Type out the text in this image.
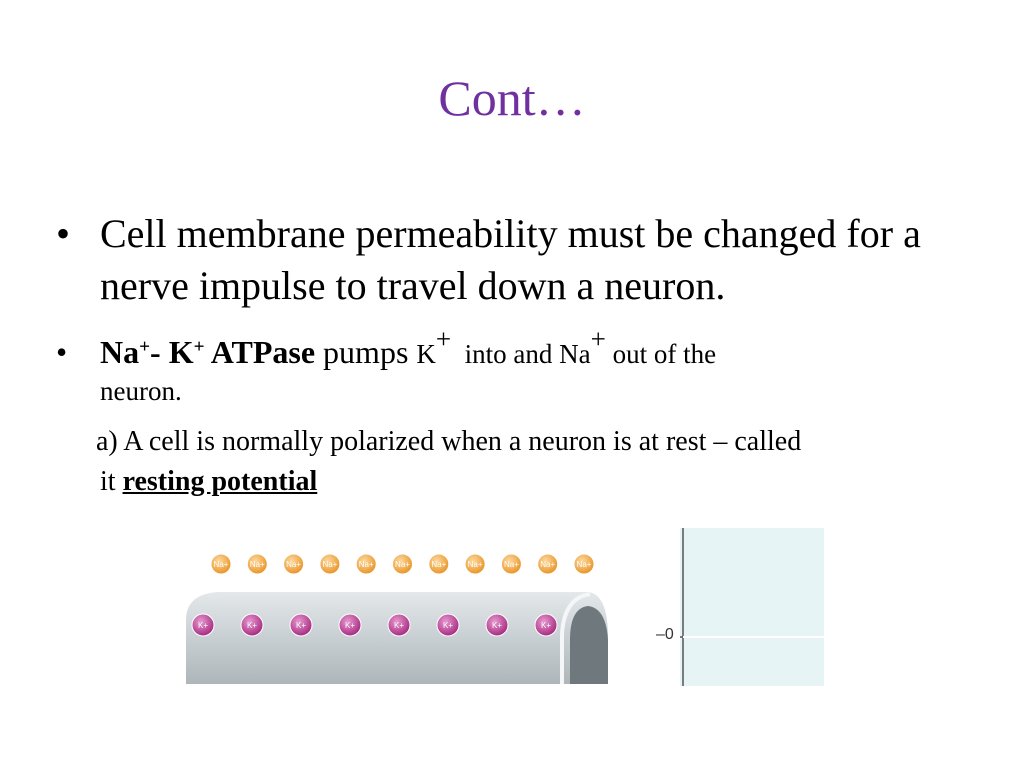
Cont…
• Cell membrane permeability must be changed for a nerve impulse to travel down a neuron.
• Na+- K+ ATPase pumps K+  into and Na+ out of the
neuron.
a) A cell is normally polarized when a neuron is at rest – called
it resting potential
Na+	Na+	Na+	Na+	Na+	Na+	Na+	Na+	Na+	Na+	Na+
K+	K+	K+	K+	K+	K+	K+	K+
–0
